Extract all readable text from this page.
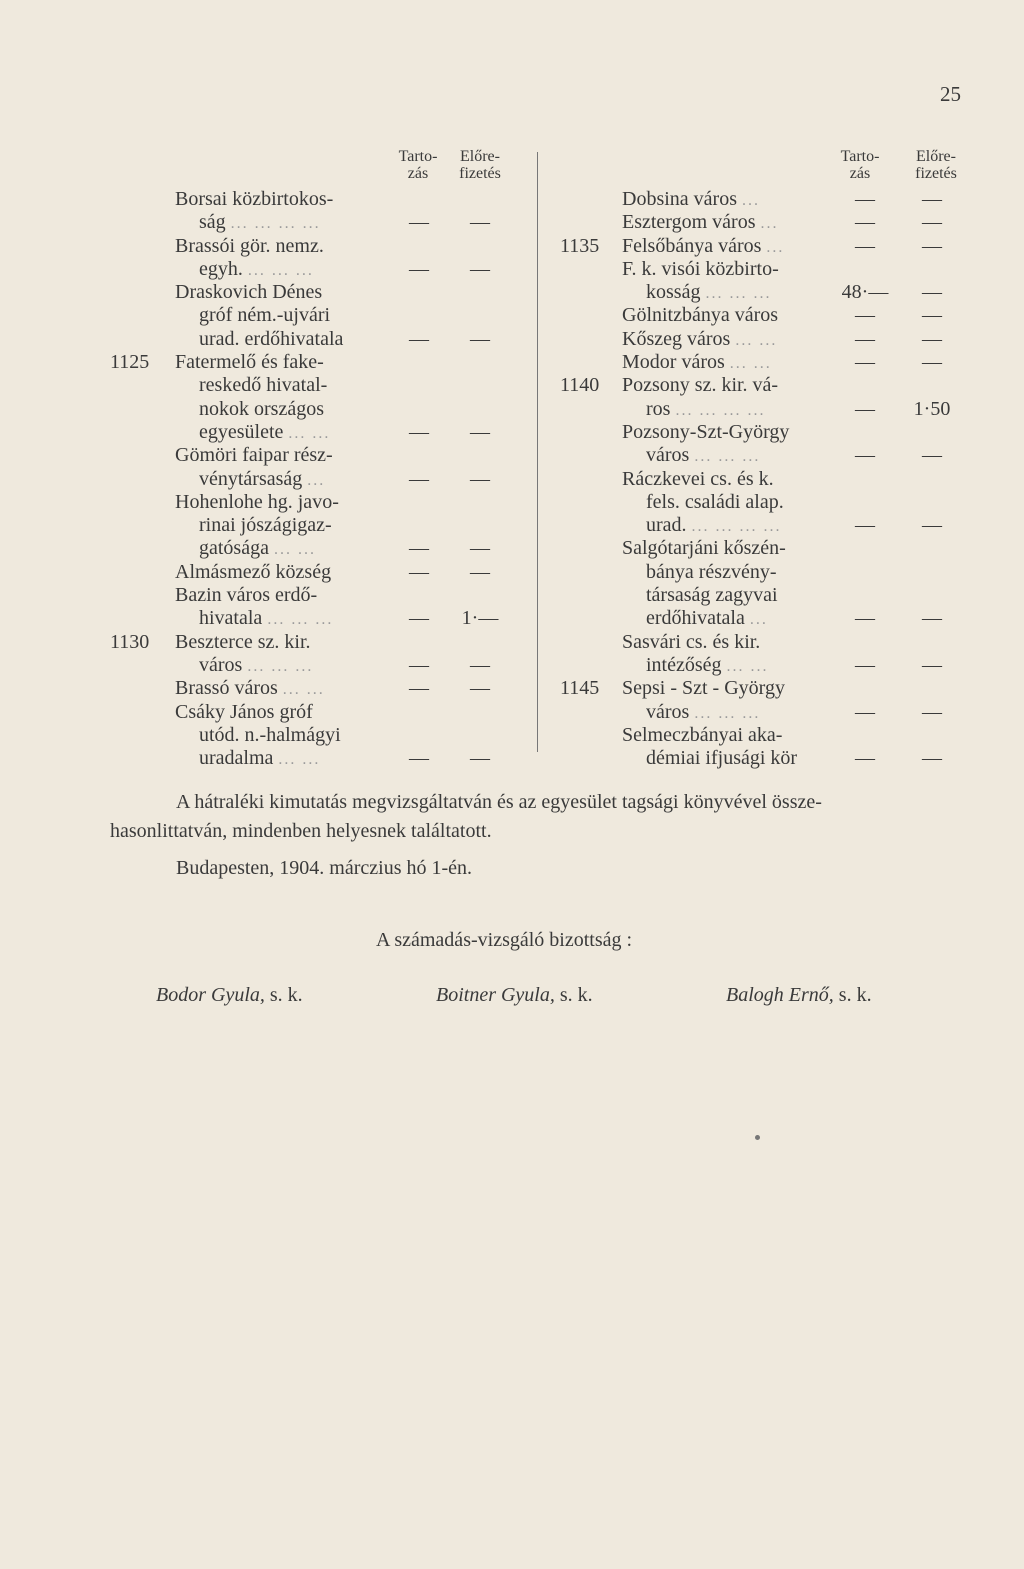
25
Tarto-
zás
Előre-
fizetés
Borsai közbirtokos-
ság ... ... ... ...	—	—
Brassói gör. nemz.
egyh. ... ... ...	—	—
Draskovich Dénes
gróf ném.-ujvári
urad. erdőhivatala	—	—
1125 Fatermelő és fake-
reskedő hivatal-
nokok országos
egyesülete ... ...	—	—
Gömöri faipar rész-
vénytársaság ...	—	—
Hohenlohe hg. javo-
rinai jószágigaz-
gatósága ... ...	—	—
Almásmező község	—	—
Bazin város erdő-
hivatala ... ... ...	—	1·—
1130 Beszterce sz. kir.
város ... ... ...	—	—
Brassó város ... ...	—	—
Csáky János gróf
utód. n.-halmágyi
uradalma ... ...	—	—
Tarto-
zás
Előre-
fizetés
Dobsina város ...	—	—
Esztergom város ...	—	—
1135 Felsőbánya város ...	—	—
F. k. visói közbirto-
kosság ... ... ...	48·—	—
Gölnitzbánya város	—	—
Kőszeg város ... ...	—	—
Modor város ... ...	—	—
1140 Pozsony sz. kir. vá-
ros ... ... ... ...	—	1·50
Pozsony-Szt-György
város ... ... ...	—	—
Ráczkevei cs. és k.
fels. családi alap.
urad. ... ... ... ...	—	—
Salgótarjáni kőszén-
bánya részvény-
társaság zagyvai
erdőhivatala ...	—	—
Sasvári cs. és kir.
intézőség ... ...	—	—
1145 Sepsi - Szt - György
város ... ... ...	—	—
Selmeczbányai aka-
démiai ifjusági kör	—	—
A hátraléki kimutatás megvizsgáltatván és az egyesület tagsági könyvével össze-
hasonlittatván, mindenben helyesnek találtatott.
Budapesten, 1904. márczius hó 1-én.
A számadás-vizsgáló bizottság :
Bodor Gyula, s. k.	Boitner Gyula, s. k.	Balogh Ernő, s. k.
